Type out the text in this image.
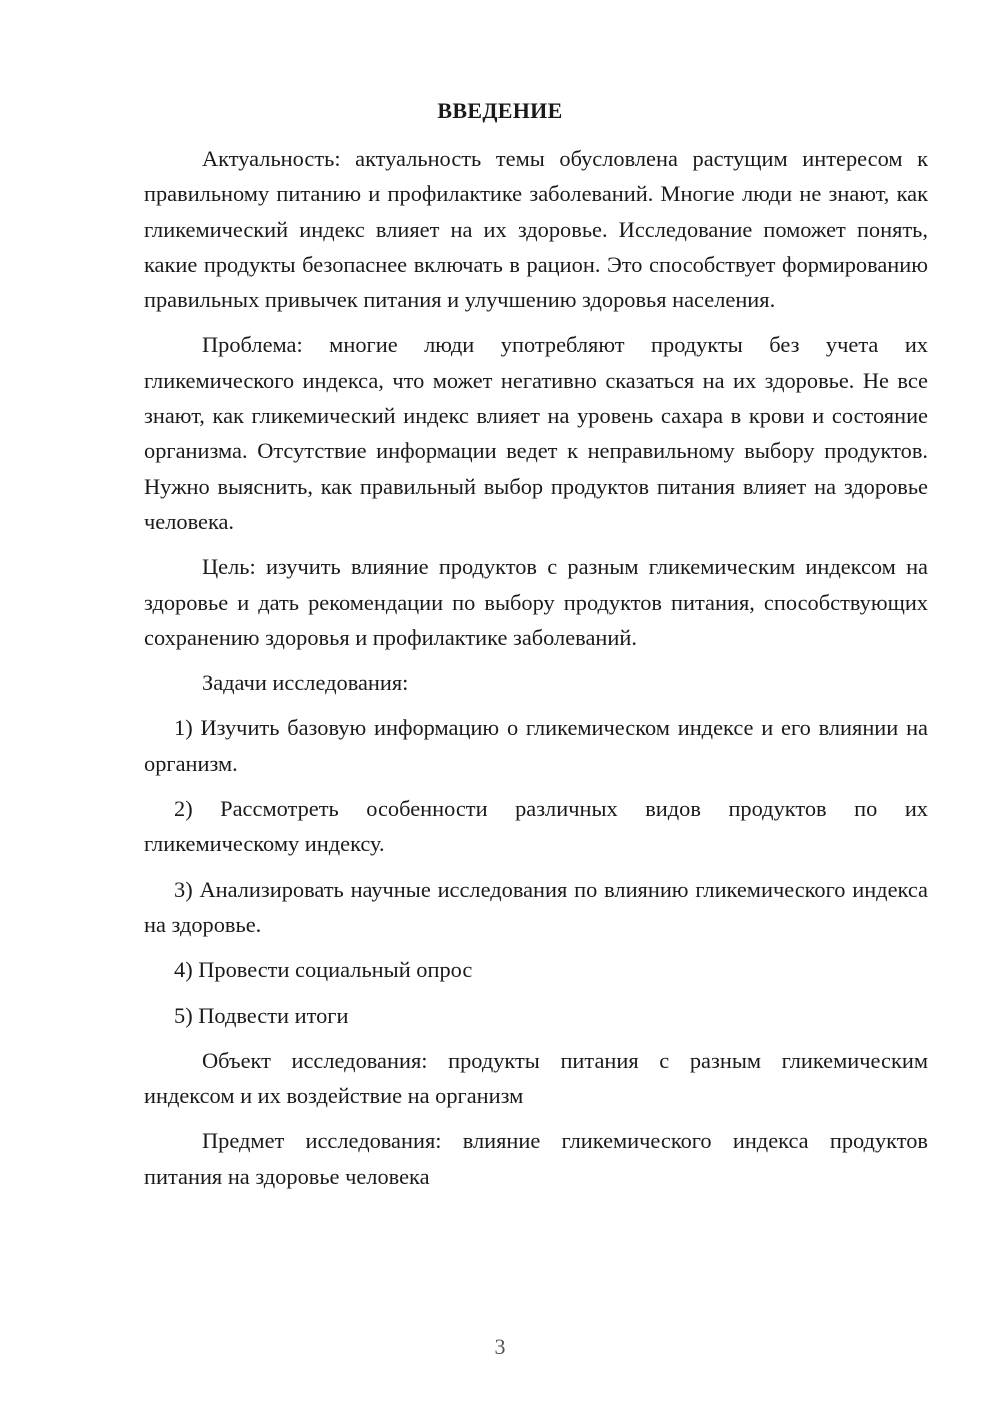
ВВЕДЕНИЕ

Актуальность: актуальность темы обусловлена растущим интересом к правильному питанию и профилактике заболеваний. Многие люди не знают, как гликемический индекс влияет на их здоровье. Исследование поможет понять, какие продукты безопаснее включать в рацион. Это способствует формированию правильных привычек питания и улучшению здоровья населения.

Проблема: многие люди употребляют продукты без учета их гликемического индекса, что может негативно сказаться на их здоровье. Не все знают, как гликемический индекс влияет на уровень сахара в крови и состояние организма. Отсутствие информации ведет к неправильному выбору продуктов. Нужно выяснить, как правильный выбор продуктов питания влияет на здоровье человека.

Цель: изучить влияние продуктов с разным гликемическим индексом на здоровье и дать рекомендации по выбору продуктов питания, способствующих сохранению здоровья и профилактике заболеваний.

Задачи исследования:

1) Изучить базовую информацию о гликемическом индексе и его влиянии на организм.

2) Рассмотреть особенности различных видов продуктов по их гликемическому индексу.

3) Анализировать научные исследования по влиянию гликемического индекса на здоровье.

4) Провести социальный опрос

5) Подвести итоги

Объект исследования: продукты питания с разным гликемическим индексом и их воздействие на организм

Предмет исследования: влияние гликемического индекса продуктов питания на здоровье человека

3
